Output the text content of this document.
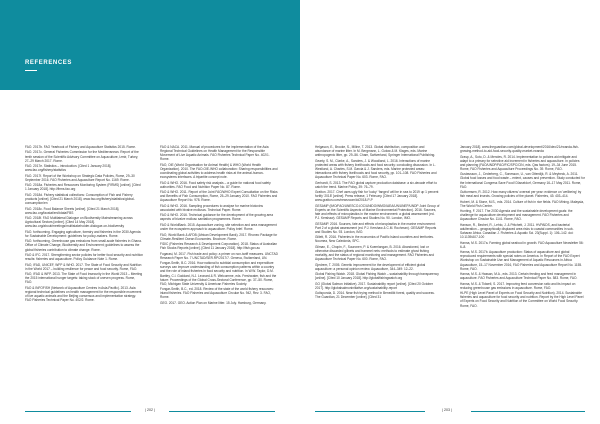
REFERENCES

FAO. 2017b. FAO Yearbook of Fishery and Aquaculture Statistics 2015. Rome.

FAO. 2017c. General Fisheries Commission for the Mediterranean. Report of the tenth session of the Scientific Advisory Committee on Aquaculture, Izmir, Turkey, 27–29 March 2017. Rome.

FAO. 2017e. Statistics – introduction. [Cited 1 January 2018]. www.fao.org/fishery/statistics

FAO. 2017f. Report of the Workshop on Strategic Data Policies, Rome, 29–30 September 2016. FAO Fisheries and Aquaculture Report No. 1169. Rome.

FAO. 2018a. Fisheries and Resources Monitoring System (FIRMS) [online]. [Cited 1 January 2018]. http://firms.fao.org

FAO. 2018d. Fishery statistical collections: Consumption of Fish and Fishery products [online]. [Cited 21 March 2018]. www.fao.org/fishery/statistics/global-consumption/en

FAO. 2018c. Food Balance Sheets [online]. [Cited 21 March 2018]. www.fao.org/faostat/en/#data/FBS

FAO. 2018f. FAO Multilateral Dialogue on Biodiversity Mainstreaming across Agricultural Sectors [online]. [Cited 14 May 2018]. www.fao.org/about/meetings/multistakeholder-dialogue-on-biodiversity

FAO. forthcoming. Engaging agriculture, forestry and fisheries in the 2030 Agenda for Sustainable Development: guidelines for policy-makers. Rome.

FAO. forthcoming. Greenhouse gas emissions from small-scale fisheries in Ghana. Office of Climate Change, Biodiversity and Environment; guidelines to assess the global fisheries contribution to climate change. Rome.

FAO & IFC. 2017. Strengthening sector policies for better food security and nutrition results: fisheries and aquaculture. Policy Guidance Note 1. Rome.

FAO, IFAD, UNICEF, WFP & WHO. 2017. The State of Food Security and Nutrition in the World 2017 – building resilience for peace and food security. Rome, FAO.

FAO, IFAD & WFP. 2013. The State of Food Insecurity in the World 2013 – Meeting the 2015 international hunger targets: taking stock of uneven progress. Rome, FAO.

FAO & INFOFISH (Network of Aquaculture Centres in Asia-Pacific). 2013. Asia regional technical guidelines on health management for the responsible movement of live aquatic animals and the Beijing consensus and implementation strategy. FAO Fisheries Technical Paper No. 402/2. Rome.

FAO & NACA. 2011. Manual of procedures for the implementation of the Asia Regional Technical Guidelines on Health Management for the Responsible Movement of Live Aquatic Animals. FAO Fisheries Technical Paper No. 402/1. Rome.

FAO, OIE (World Organisation for Animal Health) & WHO (World Health Organization). 2010. The FAO-OIE-WHO collaboration: Sharing responsibilities and coordinating global activities to address health risks at the animal-human-ecosystems interfaces. A tripartite concept note.

FAO & WHO. 2016. Food safety risk analysis – a guide for national food safety authorities. FAO Food and Nutrition Paper No. 87. Rome.

FAO & WHO. 2011. Report of the Joint FAO/WHO Expert Consultation on the Risks and Benefits of Fish Consumption, Rome, 25–29 January 2010. FAO Fisheries and Aquaculture Report No. 978. Rome.

FAO & WHO. 2016. Sampling procedures to analyse for marine biotoxins associated with bivalve molluscs. Technical Paper. Rome.

FAO & WHO. 2016. Technical guidance for the development of the growing area aspects of bivalve mollusc sanitation programmes. Rome.

FAO & WorldBank. 2015. Aquaculture zoning, site selection and area management under the ecosystem approach to aquaculture. Policy brief. Rome.

FAO, World Bank & AFDB (African Development Bank). 2017. Rhoneo Package for Climate-Resilient Ocean Economies. Brochure. Rome.

FIDIC (Fisheries Research & Development Corporation). 2018. Status of Australian Fish Stocks Reports [online]. [Cited 11 January 2018]. http://fish.gov.au

Fogarasi, M. 2017. Fish trade and policy: a primer on non-tariff measures. UNCTAD Research Paper No. 7 UNCTAD/SER.RP/2017/7. Geneva, Switzerland, UN.

Fongar-Smith, B.C. 2016. How national to subtidal consumption and expenditure surveys can improve understanding of fish consumption patterns within a country and the role of inland fisheries in food security and nutrition. In W.W. Taylor, D.M. Bartley, C.I. Goddard, N.J. Leonard & R. Welcomme, eds. Freshwater, fish and the future: Proceedings of the Global Cross-Sectoral Conference, pp. 37–50. Rome, FAO, Michigan State University & American Fisheries Society.

Fongar-Smith, B.C., ed. 2018. Review of the state of the world fishery resources: inland fisheries. FAO Fisheries and Aquaculture Circular No. 942, Rev. 3. FAO, Rome.

GEO. 2017. GEO. Action Plan on Marine litter. 15 July. Hamburg, Germany.

| 202 |

Helgason, E., Brooke, S., Miline, T. 2013. Global distribution, composition and abundance of marine litter. In M. Bergmann, L. Gutow & M. Klages, eds. Marine anthropogenic litter, pp. 29–56. Cham, Switzerland, Springer International Publishing.

Gearty, S. M., Clarke, A., Sanders, J. & Woodland, L. 2016. Interactions of marine protected areas with fishery livelihoods and food security: concluding discussion. In L. Westlund, A. Charles, S.M. Garcia & J. Sanders, eds. Marine protected areas: interactions with fishery livelihoods and food security, pp. 101–108. FAO Fisheries and Aquaculture Technical Paper No. 603. Rome, FAO.

Gerhardt, S. 2013. The FAO global capture production database: a six-decade effort to catch the trend. Marine Policy, 39: 76–79.

Gratton. 2017. Chef uses ugly fish for ‘lucky’ ‘fanged’ will be in sea to 2019 up 1 percent fortify ‘2018’ [online]. Press release, 1 February. [Cited 17 January 2018]. www.gratton.com/newsroom/id/2018-P-P

GESAMP (IMO/FAO/UNESCO-IOC/UNIDO/WMO/IAEA/UN/UNEP/UNDP Joint Group of Experts on the Scientific Aspects of Marine Environmental Protection). 2016. Sources, fate and effects of microplastics in the marine environment: a global assessment (ed. P.J. Kershaw). GESAMP Reports and Studies No. 90. London, IMO.

GESAMP. 2016. Sources, fate and effects of microplastics in the marine environment: Part 2 of a global assessment (ed. P.J. Kershaw & C.M. Rochman). GESAMP Reports and Studies No. 93. London, IMO.

Gillett, R. 2016. Fisheries in the economics of Pacific Island countries and territories. Noumea, New Caledonia, SPC.

Gilman, E., Chopin, F., Suuronen, P. & Kuemlangan, B. 2016. Abandoned, lost or otherwise discarded gillnets and trammel nets: methods to estimate ghost fishing mortality, and the status of regional monitoring and management. FAO Fisheries and Aquaculture Technical Paper No. 600. Rome, FAO.

Gjedrem, T. 2005. Genetic improvement for the development of efficient global aquaculture: a personal opinion review. Aquaculture, 344–349: 12–22.

Global Fishing Watch. 2018. Global Fishing Watch – sustainability through transparency [online]. [Cited 10 January 2018]. http://globalfishingwatch.org

GO (Global Salmon Initiative). 2017. Sustainability report [online]. [Cited 20 October 2017]. http://globalsalmoninitiative.org/sustainability-report

Golisponda, D. 2014. Near fish trying method in Benedikt forest, quality and success. The Guardian, 21 December [online]. [Cited 31

January 2018]. www.theguardian.com/global-development/2016/dec/21/rwanda-fish-growing-method-to-aid-food-security-quality-market-rwanda

Grasp, A., Soto, D. & Mendes, R. 2014. Implementation to policies aid mitigate and adapt to a primary for selective aid increment in fisheries and aquaculture. In policies and planning (FAO/UNDP/FAO/FIC/SPC/CIN, eds. Qas factors). 19–34 June 2015. Rome, FAO Fisheries and Aquaculture Proceedings No. 39. Rome, FAO.

Gustavsson, J., Cederberg, C., Sonesson, U., van Otterdijk, R. & Meybeck, A. 2011. Global food losses and food waste – extent, causes and prevention. Study conducted for the International Congress Save Food! Düsseldorf, Germany 16–17 May 2011. Rome, FAO.

Guttormsen, R. 2012. How many citizens' overeat per year: evidence on 'wellbeing' by fish meal and insects. Growing policies of the planet. Fisheries, 43: 403–414.

Hubert, M. & Stone, M.S., eds. 2014. Culture of fish in rice fields. FAO Mining. Malaysia, The World Fish Centre.

Hunting, F. 2017. The 2030 Agenda and the sustainable development goals: the challenge for aquaculture development and management. FAO Fisheries and Aquaculture Circular No. 1141. Rome, FAO.

Hanson, R., Bechet, R., Lehto, J. & Pritchett, J. 2011. HVPAIDS, and bacterial adulteration – geographically displaced area risks to coastal communities in sub-Saharan Africa. Canadian J. Fisheries & Aquatic Sci. 23(Suppl. 1): 106–142. doi: 10.1139/A07-100

Hanna, M.S. 2017a. Farming global seafood in growth. FAO Aquaculture Newsletter 56: 6–8.

Hanna, M.S. 2017b. Aquaculture production: Status of aquaculture and global reproduced requirements with special notes on America. In Report of the FAO Expert Workshop on Sustainable Use and Management of Aquatic Resources in Africa Aquaculture, 15–17 November 2016, FAO Fisheries and Aquaculture Report No. 1155. Rome, FAO.

Hanna, M.S. & Hassan, M.A., eds. 2013. Certain feeding and feed management in aquaculture. FAO Fisheries and Aquaculture Technical Paper No. 583. Rome, FAO.

Hanna, M.S. & Tidwell, S. 2017. Improving feed conversion ratio and its impact on reducing greenhouse gas emissions in aquaculture. Rome, FAO.

HLPE (High Level Panel of Experts on Food Security and Nutrition). 2014. Sustainable fisheries and aquaculture for food security and nutrition. Report by the High Level Panel of Experts on Food Security and Nutrition of the Committee on World Food Security. Rome, FAO.

| 203 |
